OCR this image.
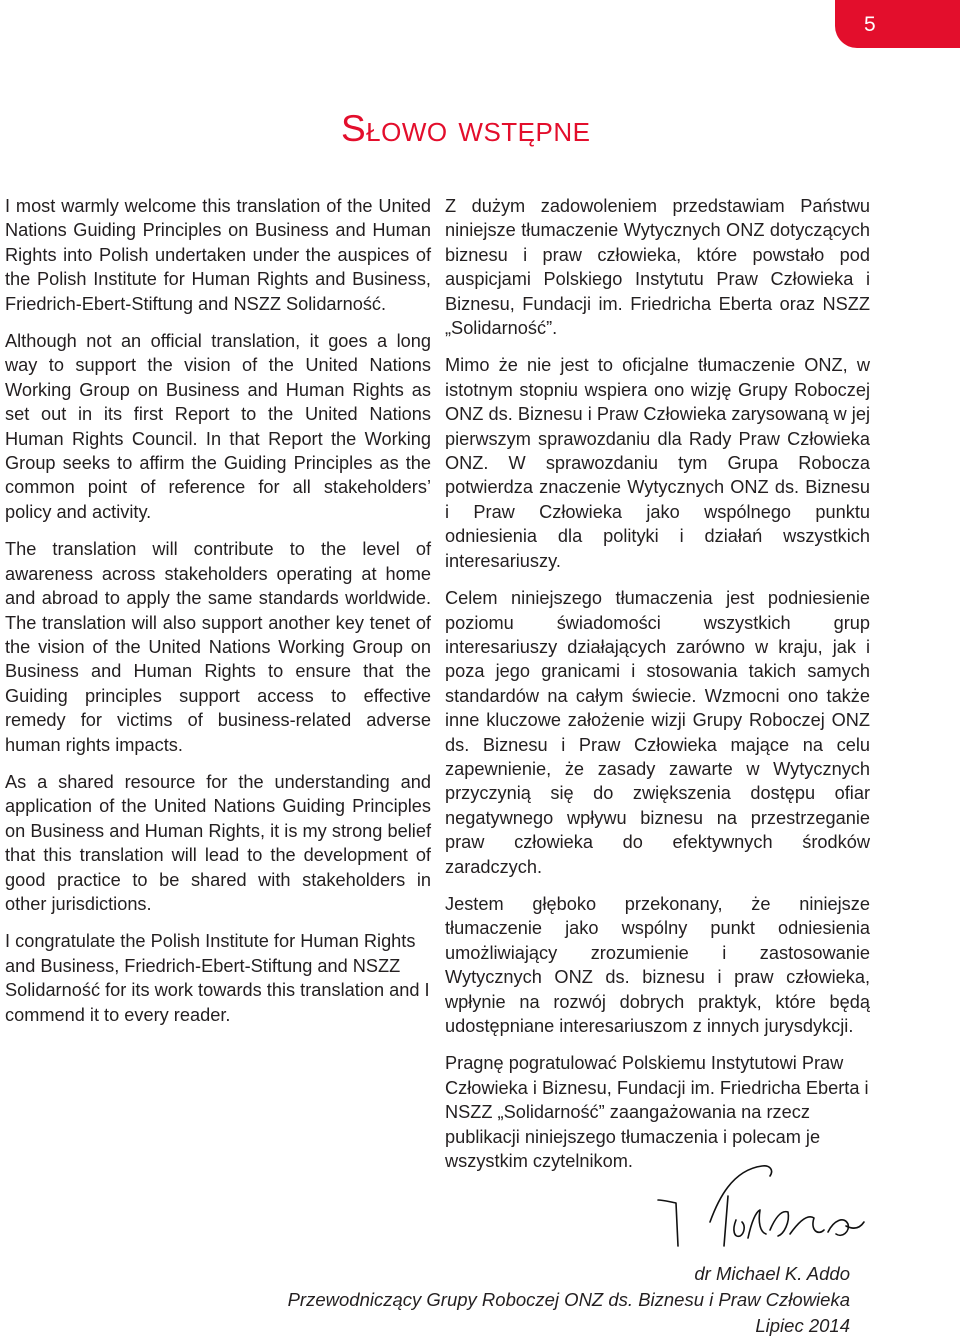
5
Słowo wstępne

I most warmly welcome this translation of the United Nations Guiding Principles on Business and Human Rights into Polish undertaken under the auspices of the Polish Institute for Human Rights and Business, Friedrich-Ebert-Stiftung and NSZZ Solidarność.

Although not an official translation, it goes a long way to support the vision of the United Nations Working Group on Business and Human Rights as set out in its first Report to the United Nations Human Rights Council. In that Report the Working Group seeks to affirm the Guiding Principles as the common point of reference for all stakeholders’ policy and activity.

The translation will contribute to the level of awareness across stakeholders operating at home and abroad to apply the same standards worldwide. The translation will also support another key tenet of the vision of the United Nations Working Group on Business and Human Rights to ensure that the Guiding principles support access to effective remedy for victims of business-related adverse human rights impacts.

As a shared resource for the understanding and application of the United Nations Guiding Principles on Business and Human Rights, it is my strong belief that this translation will lead to the development of good practice to be shared with stakeholders in other jurisdictions.

I congratulate the Polish Institute for Human Rights and Business, Friedrich-Ebert-Stiftung and NSZZ Solidarność for its work towards this translation and I commend it to every reader.

Z dużym zadowoleniem przedstawiam Państwu niniejsze tłumaczenie Wytycznych ONZ dotyczących biznesu i praw człowieka, które powstało pod auspicjami Polskiego Instytutu Praw Człowieka i Biznesu, Fundacji im. Friedricha Eberta oraz NSZZ „Solidarność”.

Mimo że nie jest to oficjalne tłumaczenie ONZ, w istotnym stopniu wspiera ono wizję Grupy Roboczej ONZ ds. Biznesu i Praw Człowieka zarysowaną w jej pierwszym sprawozdaniu dla Rady Praw Człowieka ONZ. W sprawozdaniu tym Grupa Robocza potwierdza znaczenie Wytycznych ONZ ds. Biznesu i Praw Człowieka jako wspólnego punktu odniesienia dla polityki i działań wszystkich interesariuszy.

Celem niniejszego tłumaczenia jest podniesienie poziomu świadomości wszystkich grup interesariuszy działających zarówno w kraju, jak i poza jego granicami i stosowania takich samych standardów na całym świecie. Wzmocni ono także inne kluczowe założenie wizji Grupy Roboczej ONZ ds. Biznesu i Praw Człowieka mające na celu zapewnienie, że zasady zawarte w Wytycznych przyczynią się do zwiększenia dostępu ofiar negatywnego wpływu biznesu na przestrzeganie praw człowieka do efektywnych środków zaradczych.

Jestem głęboko przekonany, że niniejsze tłumaczenie jako wspólny punkt odniesienia umożliwiający zrozumienie i zastosowanie Wytycznych ONZ ds. biznesu i praw człowieka, wpłynie na rozwój dobrych praktyk, które będą udostępniane interesariuszom z innych jurysdykcji.

Pragnę pogratulować Polskiemu Instytutowi Praw Człowieka i Biznesu, Fundacji im. Friedricha Eberta i NSZZ „Solidarność” zaangażowania na rzecz publikacji niniejszego tłumaczenia i polecam je wszystkim czytelnikom.

dr Michael K. Addo
Przewodniczący Grupy Roboczej ONZ ds. Biznesu i Praw Człowieka
Lipiec 2014
